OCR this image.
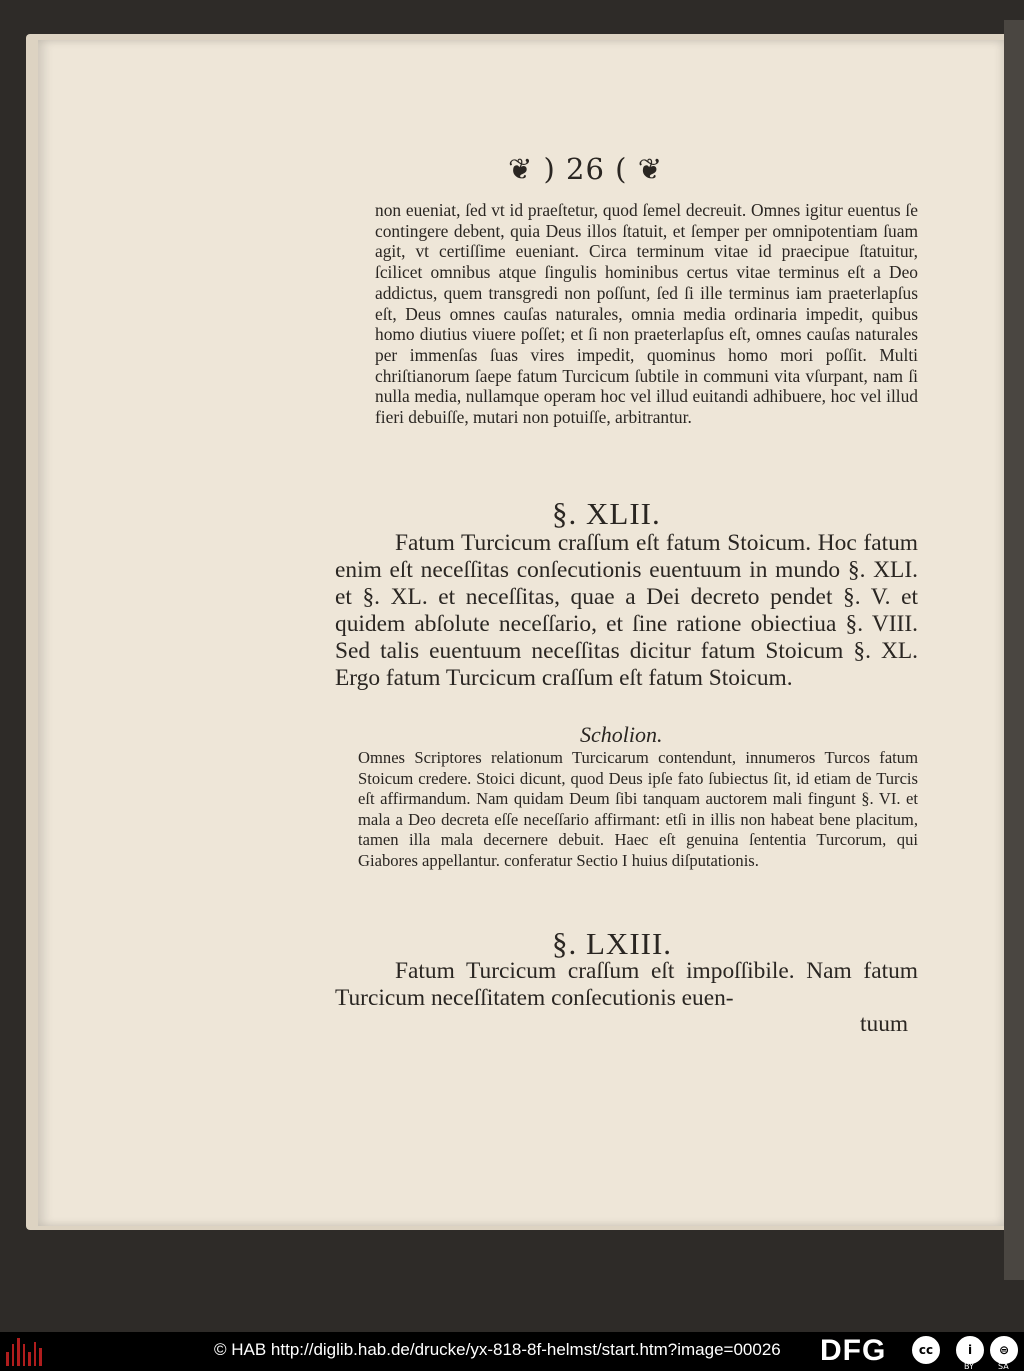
❦ ) 26 ( ❦
non eueniat, ſed vt id praeſtetur, quod ſemel decreuit. Omnes igitur euentus ſe contingere debent, quia Deus illos ſtatuit, et ſemper per omnipotentiam ſuam agit, vt certiſſime eueniant. Circa terminum vitae id praecipue ſtatuitur, ſcilicet omnibus atque ſingulis hominibus certus vitae terminus eſt a Deo addictus, quem transgredi non poſſunt, ſed ſi ille terminus iam praeterlapſus eſt, Deus omnes cauſas naturales, omnia media ordinaria impedit, quibus homo diutius viuere poſſet; et ſi non praeterlapſus eſt, omnes cauſas naturales per immenſas ſuas vires impedit, quominus homo mori poſſit. Multi chriſtianorum ſaepe fatum Turcicum ſubtile in communi vita vſurpant, nam ſi nulla media, nullamque operam hoc vel illud euitandi adhibuere, hoc vel illud fieri debuiſſe, mutari non potuiſſe, arbitrantur.
§. XLII.
Fatum Turcicum craſſum eſt fatum Stoicum. Hoc fatum enim eſt neceſſitas conſecutionis euentuum in mundo §. XLI. et §. XL. et neceſſitas, quae a Dei decreto pendet §. V. et quidem abſolute neceſſario, et ſine ratione obiectiua §. VIII. Sed talis euentuum neceſſitas dicitur fatum Stoicum §. XL. Ergo fatum Turcicum craſſum eſt fatum Stoicum.
Scholion.
Omnes Scriptores relationum Turcicarum contendunt, innumeros Turcos fatum Stoicum credere. Stoici dicunt, quod Deus ipſe fato ſubiectus ſit, id etiam de Turcis eſt affirmandum. Nam quidam Deum ſibi tanquam auctorem mali fingunt §. VI. et mala a Deo decreta eſſe neceſſario affirmant: etſi in illis non habeat bene placitum, tamen illa mala decernere debuit. Haec eſt genuina ſententia Turcorum, qui Giabores appellantur. conferatur Sectio I huius diſputationis.
§. LXIII.
Fatum Turcicum craſſum eſt impoſſibile. Nam fatum Turcicum neceſſitatem conſecutionis euen-
tuum
© HAB http://diglib.hab.de/drucke/yx-818-8f-helmst/start.htm?image=00026 DFG	cc	i	⊜
BY	SA
